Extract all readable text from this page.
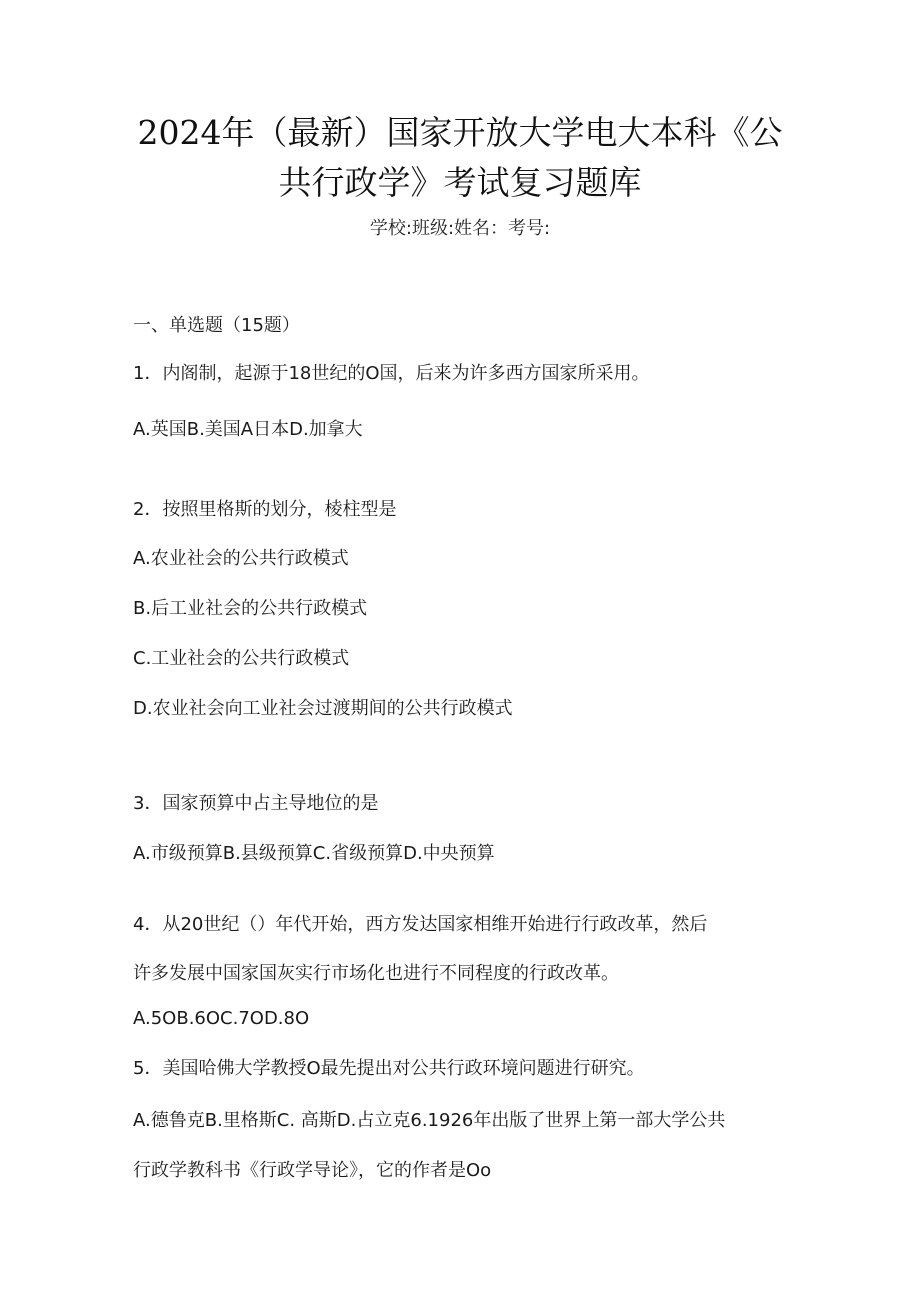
2024年（最新）国家开放大学电大本科《公
共行政学》考试复习题库
学校:班级:姓名：考号:
一、单选题（15题）
1．内阁制，起源于18世纪的O国，后来为许多西方国家所采用。
A.英国B.美国A日本D.加拿大
2．按照里格斯的划分，棱柱型是
A.农业社会的公共行政模式
B.后工业社会的公共行政模式
C.工业社会的公共行政模式
D.农业社会向工业社会过渡期间的公共行政模式
3．国家预算中占主导地位的是
A.市级预算B.县级预算C.省级预算D.中央预算
4．从20世纪（）年代开始，西方发达国家相维开始进行行政改革，然后
许多发展中国家国灰实行市场化也进行不同程度的行政改革。
A.5OB.6OC.7OD.8O
5．美国哈佛大学教授O最先提出对公共行政环境问题进行研究。
A.德鲁克B.里格斯C. 高斯D.占立克6.1926年出版了世界上第一部大学公共
行政学教科书《行政学导论》，它的作者是Oo
